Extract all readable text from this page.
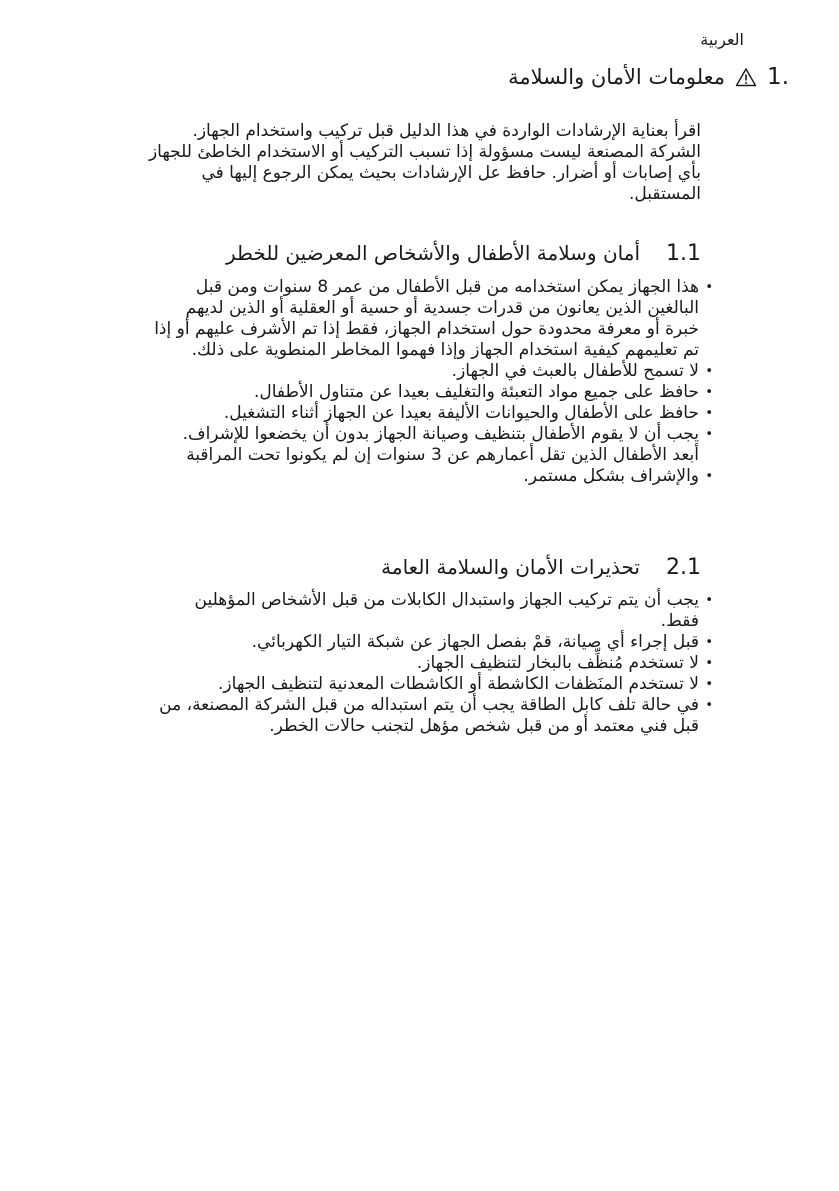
العربية
.1
معلومات الأمان والسلامة

اقرأ بعناية الإرشادات الواردة في هذا الدليل قبل تركيب واستخدام الجهاز.

الشركة المصنعة ليست مسؤولة إذا تسبب التركيب أو الاستخدام الخاطئ للجهاز

بأي إصابات أو أضرار. حافظ عل الإرشادات بحيث يمكن الرجوع إليها في

المستقبل.

1.1
أمان وسلامة الأطفال والأشخاص المعرضين للخطر
• هذا الجهاز يمكن استخدامه من قبل الأطفال من عمر 8 سنوات ومن قبل
البالغين الذين يعانون من قدرات جسدية أو حسية أو العقلية أو الذين لديهم
خبرة أو معرفة محدودة حول استخدام الجهاز، فقط إذا تم الأشرف عليهم أو إذا
تم تعليمهم كيفية استخدام الجهاز وإذا فهموا المخاطر المنطوية على ذلك.
• لا تسمح للأطفال بالعبث في الجهاز.
• حافظ على جميع مواد التعبئة والتغليف بعيدا عن متناول الأطفال.
• حافظ على الأطفال والحيوانات الأليفة بعيدا عن الجهاز أثناء التشغيل.
• يجب أن لا يقوم الأطفال بتنظيف وصيانة الجهاز بدون أن يخضعوا للإشراف.
أبعد الأطفال الذين تقل أعمارهم عن 3 سنوات إن لم يكونوا تحت المراقبة
• والإشراف بشكل مستمر.
2.1
تحذيرات الأمان والسلامة العامة
• يجب أن يتم تركيب الجهاز واستبدال الكابلات من قبل الأشخاص المؤهلين
فقط.
• قبل إجراء أي صيانة، قمْ بفصل الجهاز عن شبكة التيار الكهربائي.
• لا تستخدم مُنظِّف بالبخار لتنظيف الجهاز.
• لا تستخدم المنَظفات الكاشطة أو الكاشطات المعدنية لتنظيف الجهاز.
• في حالة تلف كابل الطاقة يجب أن يتم استبداله من قبل الشركة المصنعة، من
قبل فني معتمد أو من قبل شخص مؤهل لتجنب حالات الخطر.
